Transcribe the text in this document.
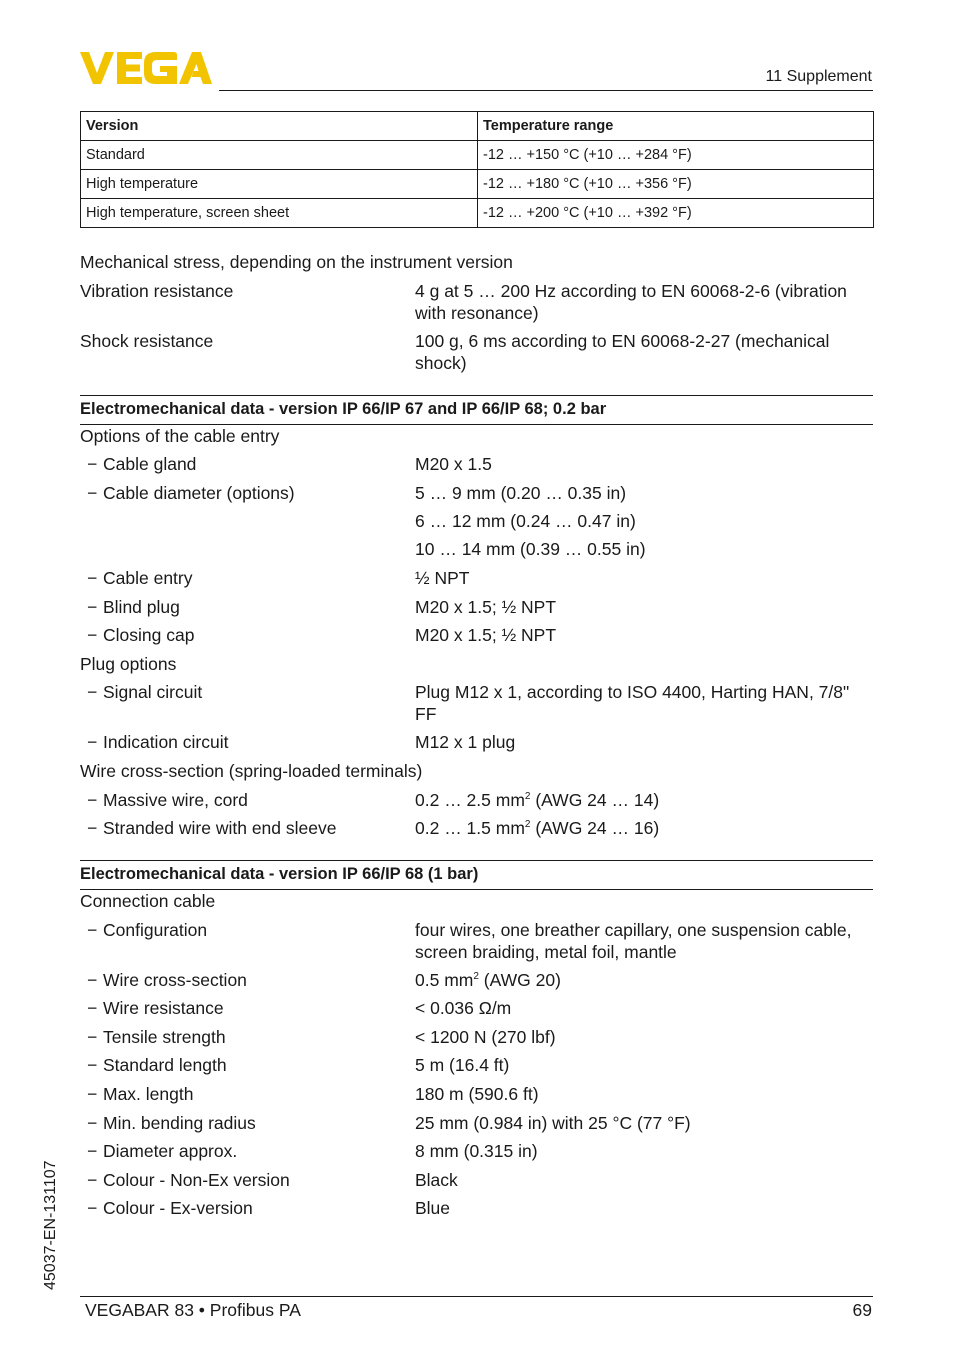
11 Supplement
Version	Temperature range
Standard	-12 … +150 °C (+10 … +284 °F)
High temperature	-12 … +180 °C (+10 … +356 °F)
High temperature, screen sheet	-12 … +200 °C (+10 … +392 °F)
Mechanical stress, depending on the instrument version
Vibration resistance	4 g at 5 … 200 Hz according to EN 60068-2-6 (vibration with resonance)
Shock resistance	100 g, 6 ms according to EN 60068-2-27 (mechanical shock)
Electromechanical data - version IP 66/IP 67 and IP 66/IP 68; 0.2 bar
Options of the cable entry
− Cable gland	M20 x 1.5
− Cable diameter (options)	5 … 9 mm (0.20 … 0.35 in)
6 … 12 mm (0.24 … 0.47 in)
10 … 14 mm (0.39 … 0.55 in)
− Cable entry	½ NPT
− Blind plug	M20 x 1.5; ½ NPT
− Closing cap	M20 x 1.5; ½ NPT
Plug options
− Signal circuit	Plug M12 x 1, according to ISO 4400, Harting HAN, 7/8" FF
− Indication circuit	M12 x 1 plug
Wire cross-section (spring-loaded terminals)
− Massive wire, cord	0.2 … 2.5 $mm^2$ (AWG 24 … 14)
− Stranded wire with end sleeve	0.2 … 1.5 $mm^2$ (AWG 24 … 16)
Electromechanical data - version IP 66/IP 68 (1 bar)
Connection cable
− Configuration	four wires, one breather capillary, one suspension cable, screen braiding, metal foil, mantle
− Wire cross-section	0.5 $mm^2$ (AWG 20)
− Wire resistance	< 0.036 Ω/m
− Tensile strength	< 1200 N (270 lbf)
− Standard length	5 m (16.4 ft)
− Max. length	180 m (590.6 ft)
− Min. bending radius	25 mm (0.984 in) with 25 °C (77 °F)
− Diameter approx.	8 mm (0.315 in)
− Colour - Non-Ex version	Black
− Colour - Ex-version	Blue
45037-EN-131107
VEGABAR 83 • Profibus PA	69
